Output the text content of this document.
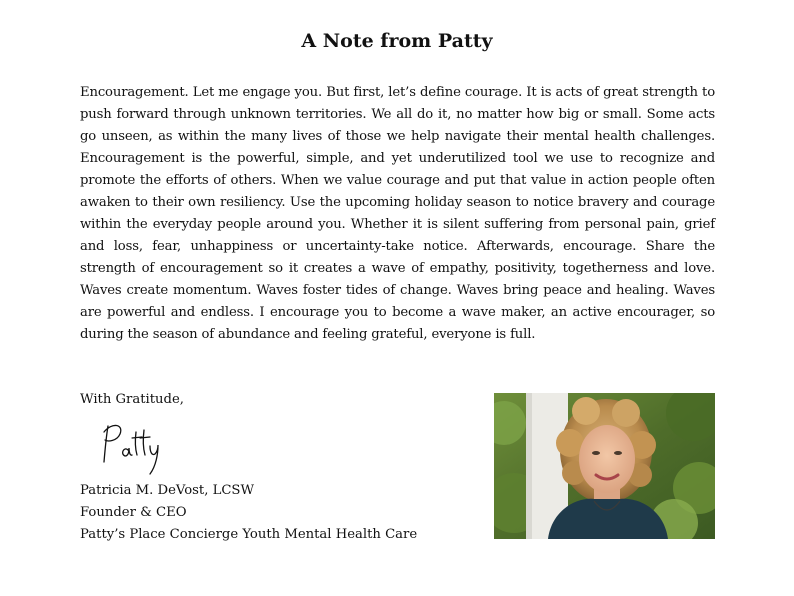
A Note from Patty
Encouragement. Let me engage you. But first, let’s define courage. It is acts of great strength to push forward through unknown territories. We all do it, no matter how big or small. Some acts go unseen, as within the many lives of those we help navigate their mental health challenges. Encouragement is the powerful, simple, and yet underutilized tool we use to recognize and promote the efforts of others. When we value courage and put that value in action people often awaken to their own resiliency. Use the upcoming holiday season to notice bravery and courage within the everyday people around you. Whether it is silent suffering from personal pain, grief and loss, fear, unhappiness or uncertainty-take notice. Afterwards, encourage. Share the strength of encouragement so it creates a wave of empathy, positivity, togetherness and love. Waves create momentum. Waves foster tides of change. Waves bring peace and healing. Waves are powerful and endless. I encourage you to become a wave maker, an active encourager, so during the season of abundance and feeling grateful, everyone is full.
With Gratitude,
Patricia M. DeVost, LCSW
Founder & CEO
Patty’s Place Concierge Youth Mental Health Care
